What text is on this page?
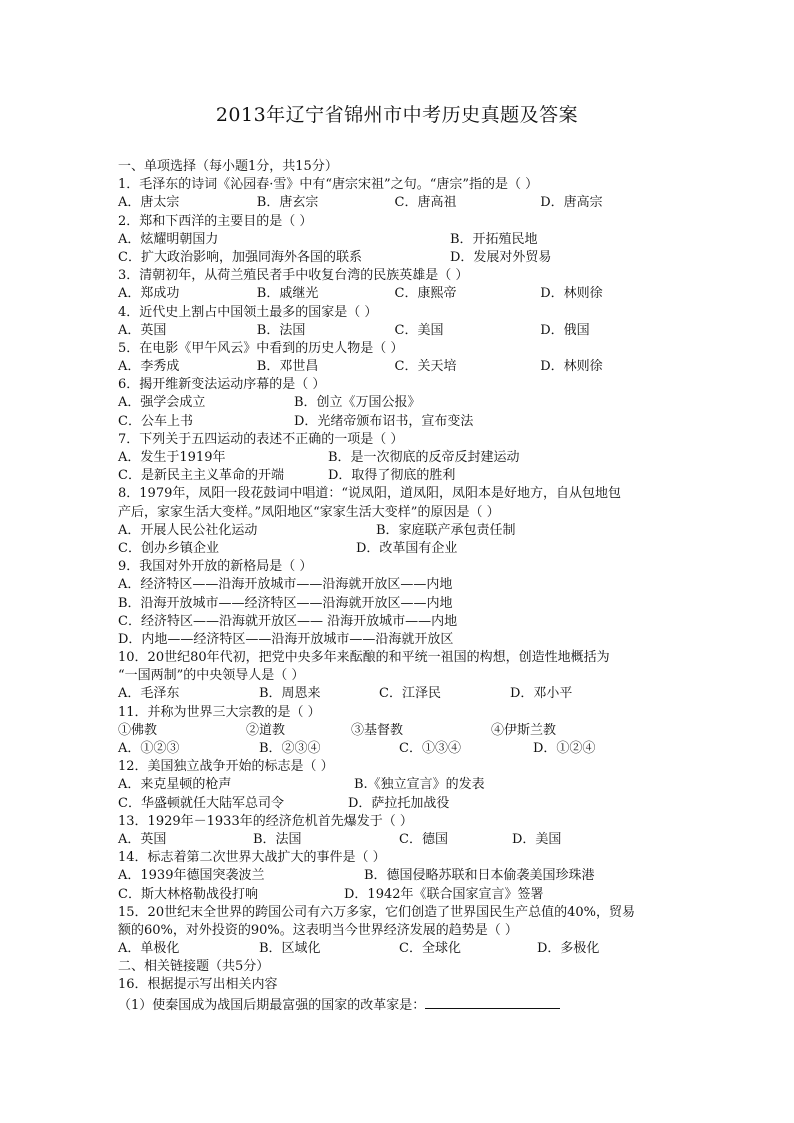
2013年辽宁省锦州市中考历史真题及答案
一、单项选择（每小题1分，共15分）
1．毛泽东的诗词《沁园春·雪》中有“唐宗宋祖”之句。“唐宗”指的是（ ）
A．唐太宗	B．唐玄宗	C．唐高祖	D．唐高宗
2．郑和下西洋的主要目的是（ ）
A．炫耀明朝国力	B．开拓殖民地
C．扩大政治影响，加强同海外各国的联系	D．发展对外贸易
3．清朝初年，从荷兰殖民者手中收复台湾的民族英雄是（ ）
A．郑成功	B．戚继光	C．康熙帝	D．林则徐
4．近代史上割占中国领土最多的国家是（ ）
A．英国	B．法国	C．美国	D．俄国
5．在电影《甲午风云》中看到的历史人物是（ ）
A．李秀成	B．邓世昌	C．关天培	D．林则徐
6．揭开维新变法运动序幕的是（ ）
A．强学会成立	B．创立《万国公报》
C．公车上书	D．光绪帝颁布诏书，宣布变法
7．下列关于五四运动的表述不正确的一项是（ ）
A．发生于1919年	B．是一次彻底的反帝反封建运动
C．是新民主主义革命的开端	D．取得了彻底的胜利
8．1979年，凤阳一段花鼓词中唱道：“说凤阳，道凤阳，凤阳本是好地方，自从包地包
产后，家家生活大变样。”凤阳地区“家家生活大变样”的原因是（ ）
A．开展人民公社化运动	B．家庭联产承包责任制
C．创办乡镇企业	D．改革国有企业
9．我国对外开放的新格局是（ ）
A．经济特区——沿海开放城市——沿海就开放区——内地
B．沿海开放城市——经济特区——沿海就开放区——内地
C．经济特区——沿海就开放区—— 沿海开放城市——内地
D．内地——经济特区——沿海开放城市——沿海就开放区
10．20世纪80年代初，把党中央多年来酝酿的和平统一祖国的构想，创造性地概括为
“一国两制”的中央领导人是（ ）
A．毛泽东	B．周恩来	C．江泽民	D．邓小平
11．并称为世界三大宗教的是（ ）
①佛教	②道教	③基督教	④伊斯兰教
A．①②③	B．②③④	C．①③④	D．①②④
12．美国独立战争开始的标志是（ ）
A．来克星顿的枪声	B.《独立宣言》的发表
C．华盛顿就任大陆军总司令	D．萨拉托加战役
13．1929年－1933年的经济危机首先爆发于（ ）
A．英国	B．法国	C．德国	D．美国
14．标志着第二次世界大战扩大的事件是（ ）
A．1939年德国突袭波兰	B．德国侵略苏联和日本偷袭美国珍珠港
C．斯大林格勒战役打响	D．1942年《联合国家宣言》签署
15．20世纪末全世界的跨国公司有六万多家，它们创造了世界国民生产总值的40%，贸易
额的60%，对外投资的90%。这表明当今世界经济发展的趋势是（ ）
A．单极化	B．区域化	C．全球化	D．多极化
二、相关链接题（共5分）
16．根据提示写出相关内容
（1）使秦国成为战国后期最富强的国家的改革家是：
